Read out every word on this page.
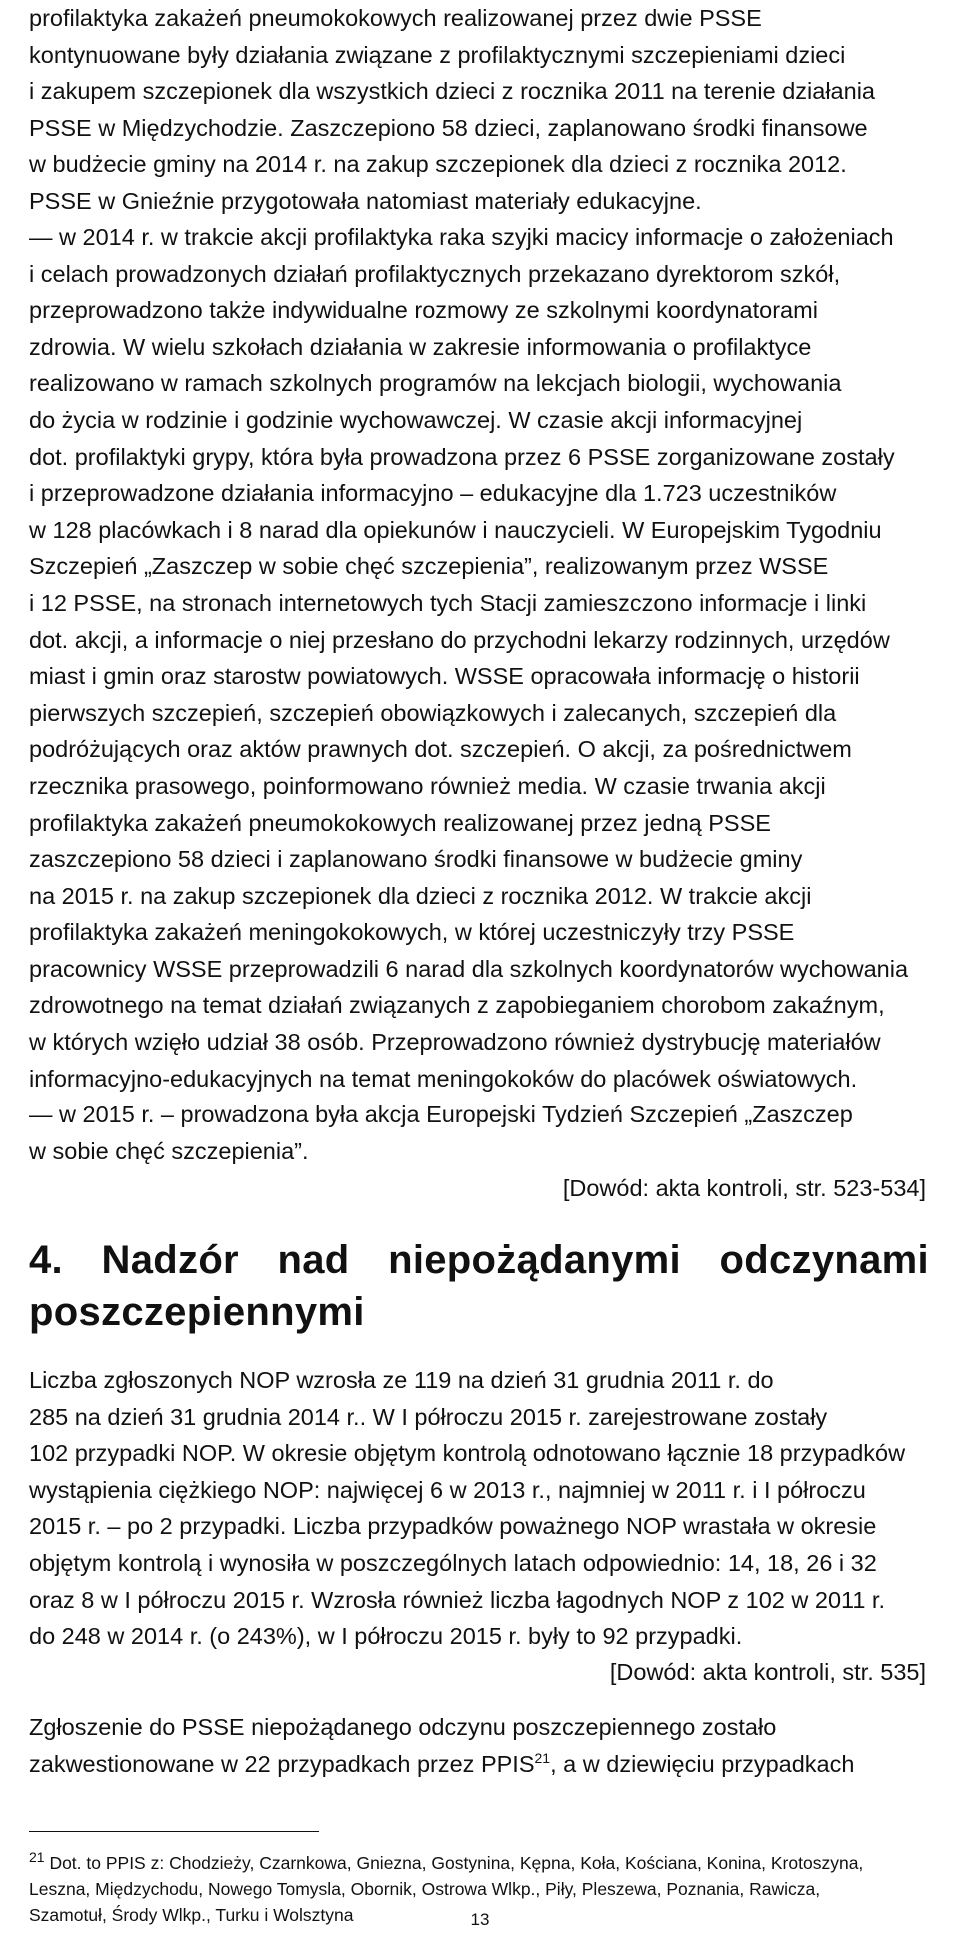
profilaktyka zakażeń pneumokokowych realizowanej przez dwie PSSE
kontynuowane były działania związane z profilaktycznymi szczepieniami dzieci
i zakupem szczepionek dla wszystkich dzieci z rocznika 2011 na terenie działania
PSSE w Międzychodzie. Zaszczepiono 58 dzieci, zaplanowano środki finansowe
w budżecie gminy na 2014 r. na zakup szczepionek dla dzieci z rocznika 2012.
PSSE w Gnieźnie przygotowała natomiast materiały edukacyjne.
— w 2014 r. w trakcie akcji profilaktyka raka szyjki macicy informacje o założeniach
i celach prowadzonych działań profilaktycznych przekazano dyrektorom szkół,
przeprowadzono także indywidualne rozmowy ze szkolnymi koordynatorami
zdrowia. W wielu szkołach działania w zakresie informowania o profilaktyce
realizowano w ramach szkolnych programów na lekcjach biologii, wychowania
do życia w rodzinie i godzinie wychowawczej. W czasie akcji informacyjnej
dot. profilaktyki grypy, która była prowadzona przez 6 PSSE zorganizowane zostały
i przeprowadzone działania informacyjno – edukacyjne dla 1.723 uczestników
w 128 placówkach i 8 narad dla opiekunów i nauczycieli. W Europejskim Tygodniu
Szczepień „Zaszczep w sobie chęć szczepienia”, realizowanym przez WSSE
i 12 PSSE, na stronach internetowych tych Stacji zamieszczono informacje i linki
dot. akcji, a informacje o niej przesłano do przychodni lekarzy rodzinnych, urzędów
miast i gmin oraz starostw powiatowych. WSSE opracowała informację o historii
pierwszych szczepień, szczepień obowiązkowych i zalecanych, szczepień dla
podróżujących oraz aktów prawnych dot. szczepień. O akcji, za pośrednictwem
rzecznika prasowego, poinformowano również media. W czasie trwania akcji
profilaktyka zakażeń pneumokokowych realizowanej przez jedną PSSE
zaszczepiono 58 dzieci i zaplanowano środki finansowe w budżecie gminy
na 2015 r. na zakup szczepionek dla dzieci z rocznika 2012. W trakcie akcji
profilaktyka zakażeń meningokokowych, w której uczestniczyły trzy PSSE
pracownicy WSSE przeprowadzili 6 narad dla szkolnych koordynatorów wychowania
zdrowotnego na temat działań związanych z zapobieganiem chorobom zakaźnym,
w których wzięło udział 38 osób. Przeprowadzono również dystrybucję materiałów
informacyjno-edukacyjnych na temat meningokoków do placówek oświatowych.
— w 2015 r. – prowadzona była akcja Europejski Tydzień Szczepień „Zaszczep
w sobie chęć szczepienia”.
[Dowód: akta kontroli, str. 523-534]
4. Nadzór nad niepożądanymi odczynami
poszczepiennymi
Liczba zgłoszonych NOP wzrosła ze 119 na dzień 31 grudnia 2011 r. do
285 na dzień 31 grudnia 2014 r.. W I półroczu 2015 r. zarejestrowane zostały
102 przypadki NOP. W okresie objętym kontrolą odnotowano łącznie 18 przypadków
wystąpienia ciężkiego NOP: najwięcej 6 w 2013 r., najmniej w 2011 r. i I półroczu
2015 r. – po 2 przypadki. Liczba przypadków poważnego NOP wrastała w okresie
objętym kontrolą i wynosiła w poszczególnych latach odpowiednio: 14, 18, 26 i 32
oraz 8 w I półroczu 2015 r. Wzrosła również liczba łagodnych NOP z 102 w 2011 r.
do 248 w 2014 r. (o 243%), w I półroczu 2015 r. były to 92 przypadki.
[Dowód: akta kontroli, str. 535]
Zgłoszenie do PSSE niepożądanego odczynu poszczepiennego zostało
zakwestionowane w 22 przypadkach przez PPIS$^{21}$, a w dziewięciu przypadkach
$^{21}$ Dot. to PPIS z: Chodzieży, Czarnkowa, Gniezna, Gostynina, Kępna, Koła, Kościana, Konina, Krotoszyna,
Leszna, Międzychodu, Nowego Tomysla, Obornik, Ostrowa Wlkp., Piły, Pleszewa, Poznania, Rawicza,
Szamotuł, Środy Wlkp., Turku i Wolsztyna	13
